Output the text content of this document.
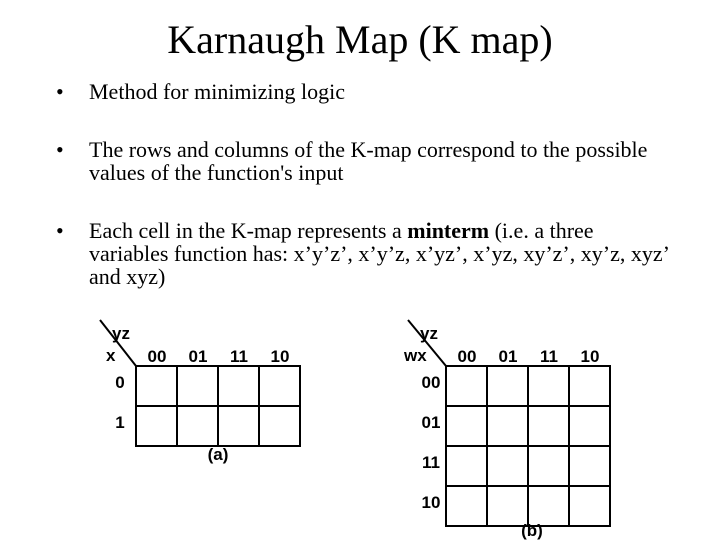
Karnaugh Map (K map)
• Method for minimizing logic
• The rows and columns of the K-map correspond to the possible values of the function's input
• Each cell in the K-map represents a minterm (i.e. a three variables function has: x’y’z’, x’y’z, x’yz’, x’yz, xy’z’, xy’z, xyz’ and xyz)
yz
x 00 01 11 10
0
1
(a)
yz
wx 00 01 11 10
00
01
11
10
(b)
